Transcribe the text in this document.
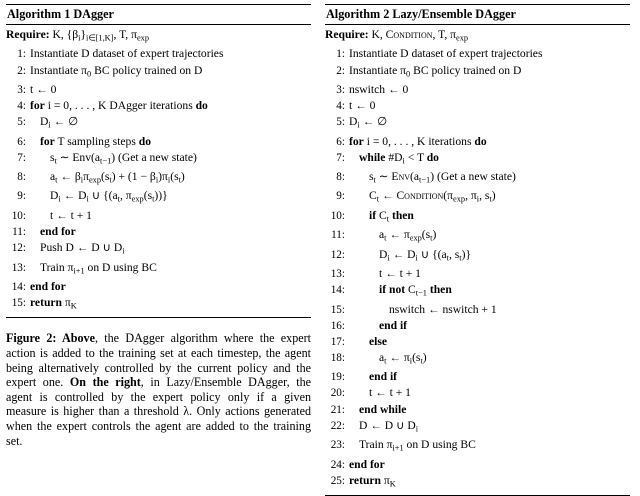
Algorithm 1 DAgger
Require: K, $\{\beta_i\}_{i\in[1,K]}$, T, $\pi_{exp}$
1: Instantiate D dataset of expert trajectories
2: Instantiate $\pi_0$ BC policy trained on D
3: t ← 0
4: for i = 0, . . . , K DAgger iterations do
5:	$D_i$ ← ∅
6:	for T sampling steps do
7:	$s_t$ ∼ $Env(a_{t-1})$ (Get a new state)
8:	$a_t$ ← $\beta_i\pi_{exp}(s_t) + (1 - \beta_i)\pi_i(s_t)$
9:	$D_i$ ← $D_i$ ∪ {($a_t$, $\pi_{exp}(s_t)$)}
10:	t ← t + 1
11:	end for
12:	Push D ← D ∪ $D_i$
13:	Train $\pi_{i+1}$ on D using BC
14: end for
15: return $\pi_K$
Figure 2: Above, the DAgger algorithm where the expert action is added to the training set at each timestep, the agent being alternatively controlled by the current policy and the expert one. On the right, in Lazy/Ensemble DAgger, the agent is controlled by the expert policy only if a given measure is higher than a threshold λ. Only actions generated when the expert controls the agent are added to the training set.
Algorithm 2 Lazy/Ensemble DAgger
Require: K, Condition, T, $\pi_{exp}$
1: Instantiate D dataset of expert trajectories
2: Instantiate $\pi_0$ BC policy trained on D
3: nswitch ← 0
4: t ← 0
5: $D_i$ ← ∅
6: for i = 0, . . . , K iterations do
7:	while $\#D_i < T$ do
8:	$s_t$ ∼ $Env(a_{t-1})$ (Get a new state)
9:	$C_t$ ← $Condition(\pi_{exp}$, $\pi_i$, $s_t$)
10:	if $C_t$ then
11:	$a_t$ ← $\pi_{exp}(s_t)$
12:	$D_i$ ← $D_i$ ∪ {($a_t$, $s_t$)}
13:	t ← t + 1
14:	if not $C_{t-1}$ then
15:	nswitch ← nswitch + 1
16:	end if
17:	else
18:	$a_t$ ← $\pi_i(s_t)$
19:	end if
20:	t ← t + 1
21:	end while
22:	D ← D ∪ $D_i$
23:	Train $\pi_{i+1}$ on D using BC
24: end for
25: return $\pi_K$
